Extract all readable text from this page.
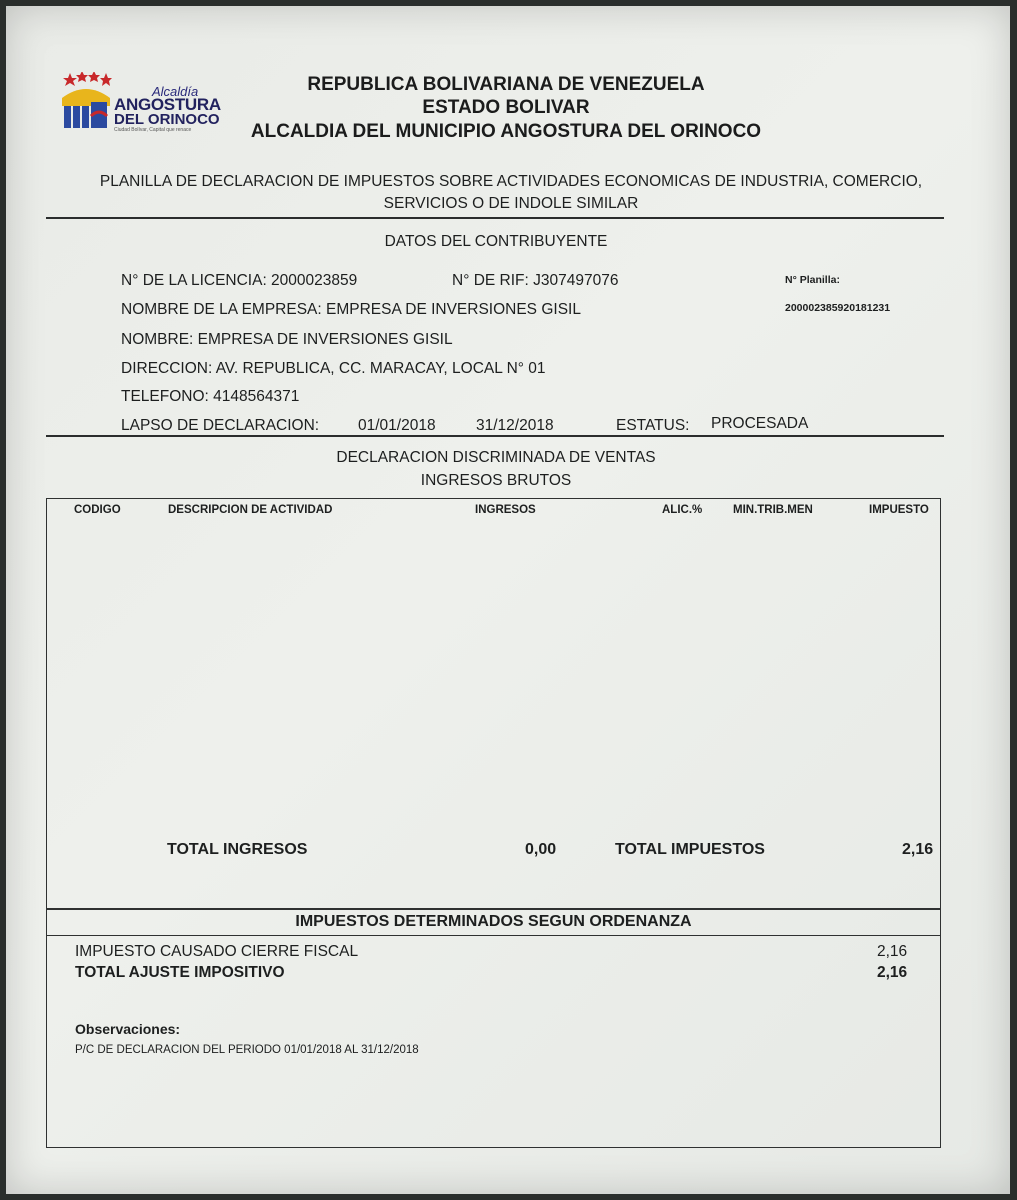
Alcaldía
ANGOSTURA
DEL ORINOCO
Ciudad Bolívar, Capital que renace
REPUBLICA BOLIVARIANA DE VENEZUELA
ESTADO BOLIVAR
ALCALDIA DEL MUNICIPIO ANGOSTURA DEL ORINOCO
PLANILLA DE DECLARACION DE IMPUESTOS SOBRE ACTIVIDADES ECONOMICAS DE INDUSTRIA, COMERCIO,
SERVICIOS O DE INDOLE SIMILAR
DATOS DEL CONTRIBUYENTE
N° DE LA LICENCIA: 2000023859	N° DE RIF: J307497076	N° Planilla:
200002385920181231
NOMBRE DE LA EMPRESA: EMPRESA DE INVERSIONES GISIL
NOMBRE: EMPRESA DE INVERSIONES GISIL
DIRECCION: AV. REPUBLICA, CC. MARACAY, LOCAL N° 01
TELEFONO: 4148564371
LAPSO DE DECLARACION:	01/01/2018	31/12/2018	ESTATUS: PROCESADA
DECLARACION DISCRIMINADA DE VENTAS
INGRESOS BRUTOS
CODIGO	DESCRIPCION DE ACTIVIDAD	INGRESOS	ALIC.%	MIN.TRIB.MEN	IMPUESTO
TOTAL INGRESOS	0,00	TOTAL IMPUESTOS	2,16
IMPUESTOS DETERMINADOS SEGUN ORDENANZA
IMPUESTO CAUSADO CIERRE FISCAL	2,16
TOTAL AJUSTE IMPOSITIVO	2,16
Observaciones:
P/C DE DECLARACION DEL PERIODO 01/01/2018 AL 31/12/2018
